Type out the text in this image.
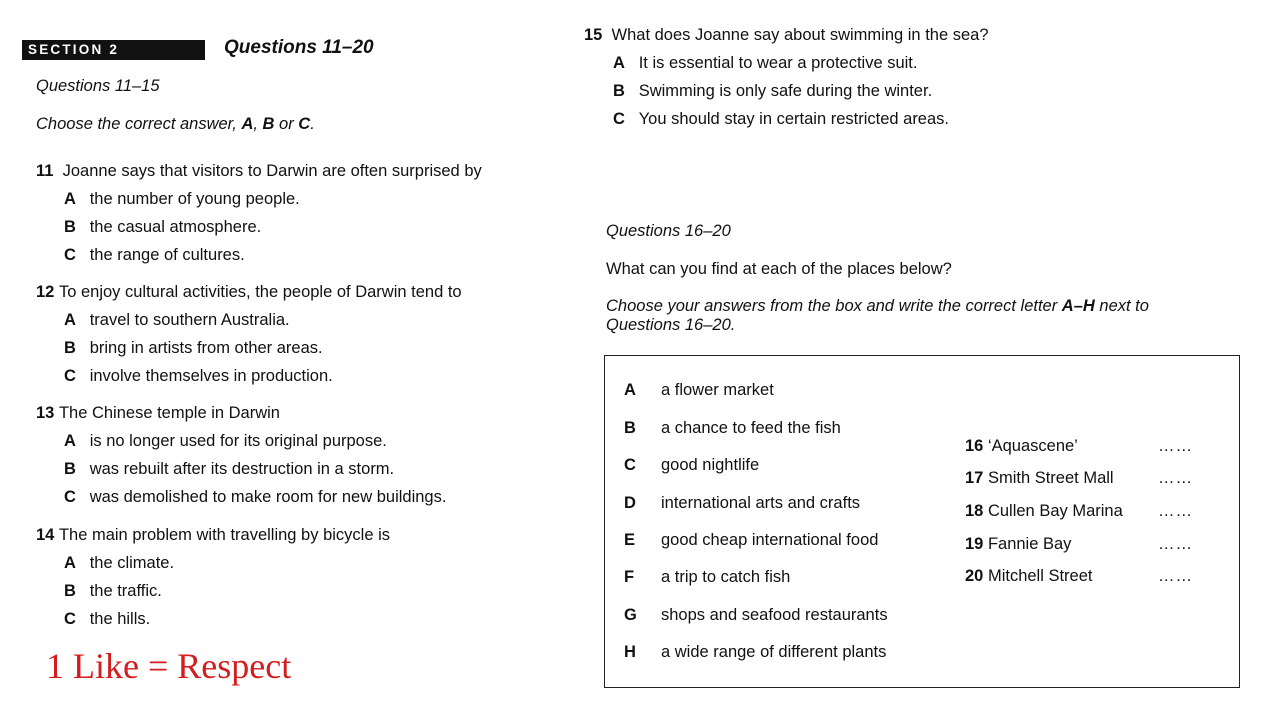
SECTION 2	Questions 11–20
Questions 11–15
Choose the correct answer, A, B or C.
11 Joanne says that visitors to Darwin are often surprised by
A the number of young people.
B the casual atmosphere.
C the range of cultures.
12 To enjoy cultural activities, the people of Darwin tend to
A travel to southern Australia.
B bring in artists from other areas.
C involve themselves in production.
13 The Chinese temple in Darwin
A is no longer used for its original purpose.
B was rebuilt after its destruction in a storm.
C was demolished to make room for new buildings.
14 The main problem with travelling by bicycle is
A the climate.
B the traffic.
C the hills.
1 Like = Respect
15 What does Joanne say about swimming in the sea?
A It is essential to wear a protective suit.
B Swimming is only safe during the winter.
C You should stay in certain restricted areas.
Questions 16–20
What can you find at each of the places below?
Choose your answers from the box and write the correct letter A–H next to
Questions 16–20.
A a flower market
B a chance to feed the fish
C good nightlife
D international arts and crafts
E good cheap international food
F a trip to catch fish
G shops and seafood restaurants
H a wide range of different plants
16 ‘Aquascene’	……
17 Smith Street Mall	……
18 Cullen Bay Marina ……
19 Fannie Bay	……
20 Mitchell Street	……
